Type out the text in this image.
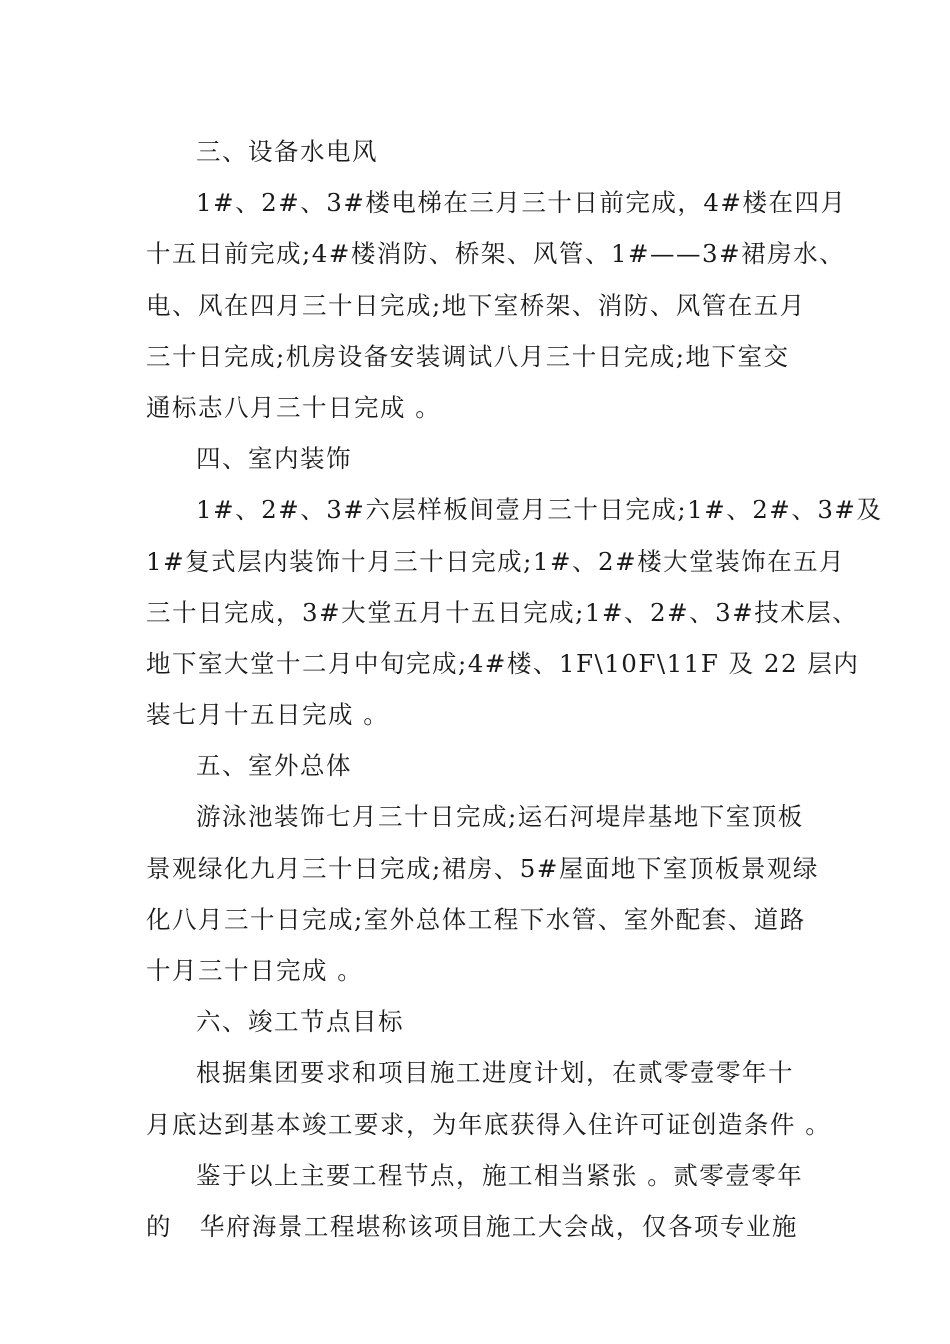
三、设备水电风
1#、2#、3#楼电梯在三月三十日前完成，4#楼在四月
十五日前完成;4#楼消防、桥架、风管、1#——3#裙房水、
电、风在四月三十日完成;地下室桥架、消防、风管在五月
三十日完成;机房设备安装调试八月三十日完成;地下室交
通标志八月三十日完成 。
四、室内装饰
1#、2#、3#六层样板间壹月三十日完成;1#、2#、3#及
1#复式层内装饰十月三十日完成;1#、2#楼大堂装饰在五月
三十日完成，3#大堂五月十五日完成;1#、2#、3#技术层、
地下室大堂十二月中旬完成;4#楼、1F\10F\11F 及 22 层内
装七月十五日完成 。
五、室外总体
游泳池装饰七月三十日完成;运石河堤岸基地下室顶板
景观绿化九月三十日完成;裙房、5#屋面地下室顶板景观绿
化八月三十日完成;室外总体工程下水管、室外配套、道路
十月三十日完成 。
六、竣工节点目标
根据集团要求和项目施工进度计划，在贰零壹零年十
月底达到基本竣工要求，为年底获得入住许可证创造条件 。
鉴于以上主要工程节点，施工相当紧张 。贰零壹零年
的   华府海景工程堪称该项目施工大会战，仅各项专业施
